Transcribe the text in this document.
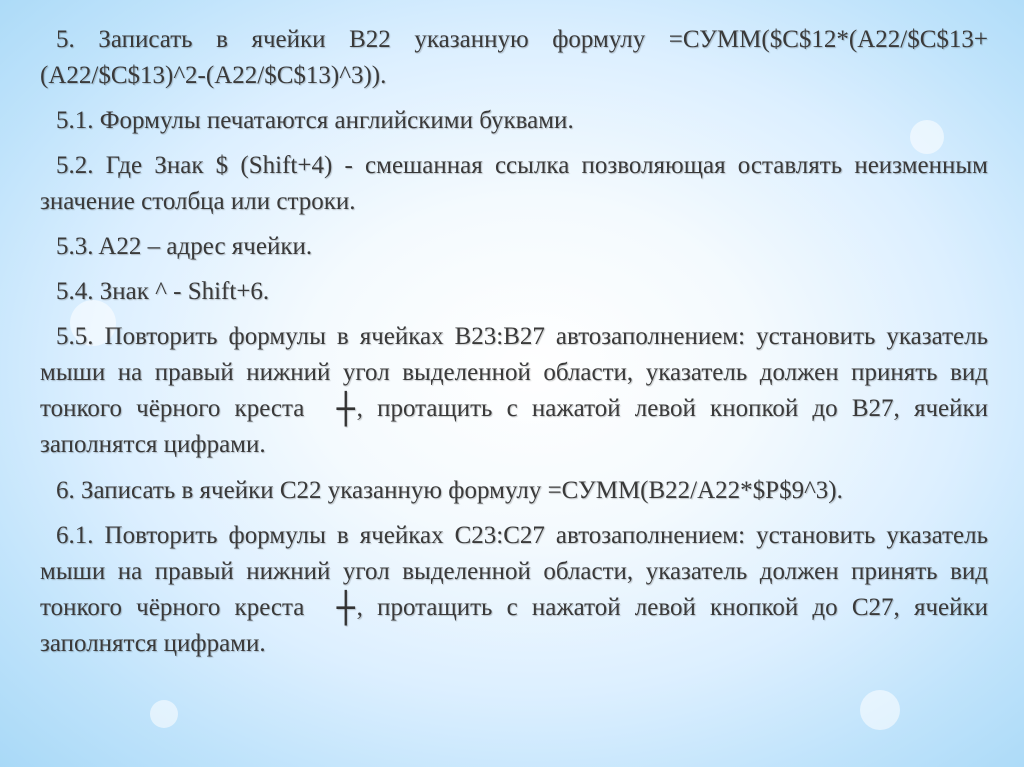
5. Записать в ячейки B22 указанную формулу =СУММ($C$12*(A22/$C$13+(A22/$C$13)^2-(A22/$C$13)^3)).

5.1. Формулы печатаются английскими буквами.

5.2. Где Знак $ (Shift+4) - смешанная ссылка позволяющая оставлять неизменным значение столбца или строки.

5.3. A22 – адрес ячейки.

5.4. Знак ^ - Shift+6.

5.5. Повторить формулы в ячейках B23:B27 автозаполнением: установить указатель мыши на правый нижний угол выделенной области, указатель должен принять вид тонкого чёрного креста ┼, протащить с нажатой левой кнопкой до B27, ячейки заполнятся цифрами.

6. Записать в ячейки C22 указанную формулу =СУММ(B22/A22*$P$9^3).

6.1. Повторить формулы в ячейках C23:C27 автозаполнением: установить указатель мыши на правый нижний угол выделенной области, указатель должен принять вид тонкого чёрного креста ┼, протащить с нажатой левой кнопкой до C27, ячейки заполнятся цифрами.
